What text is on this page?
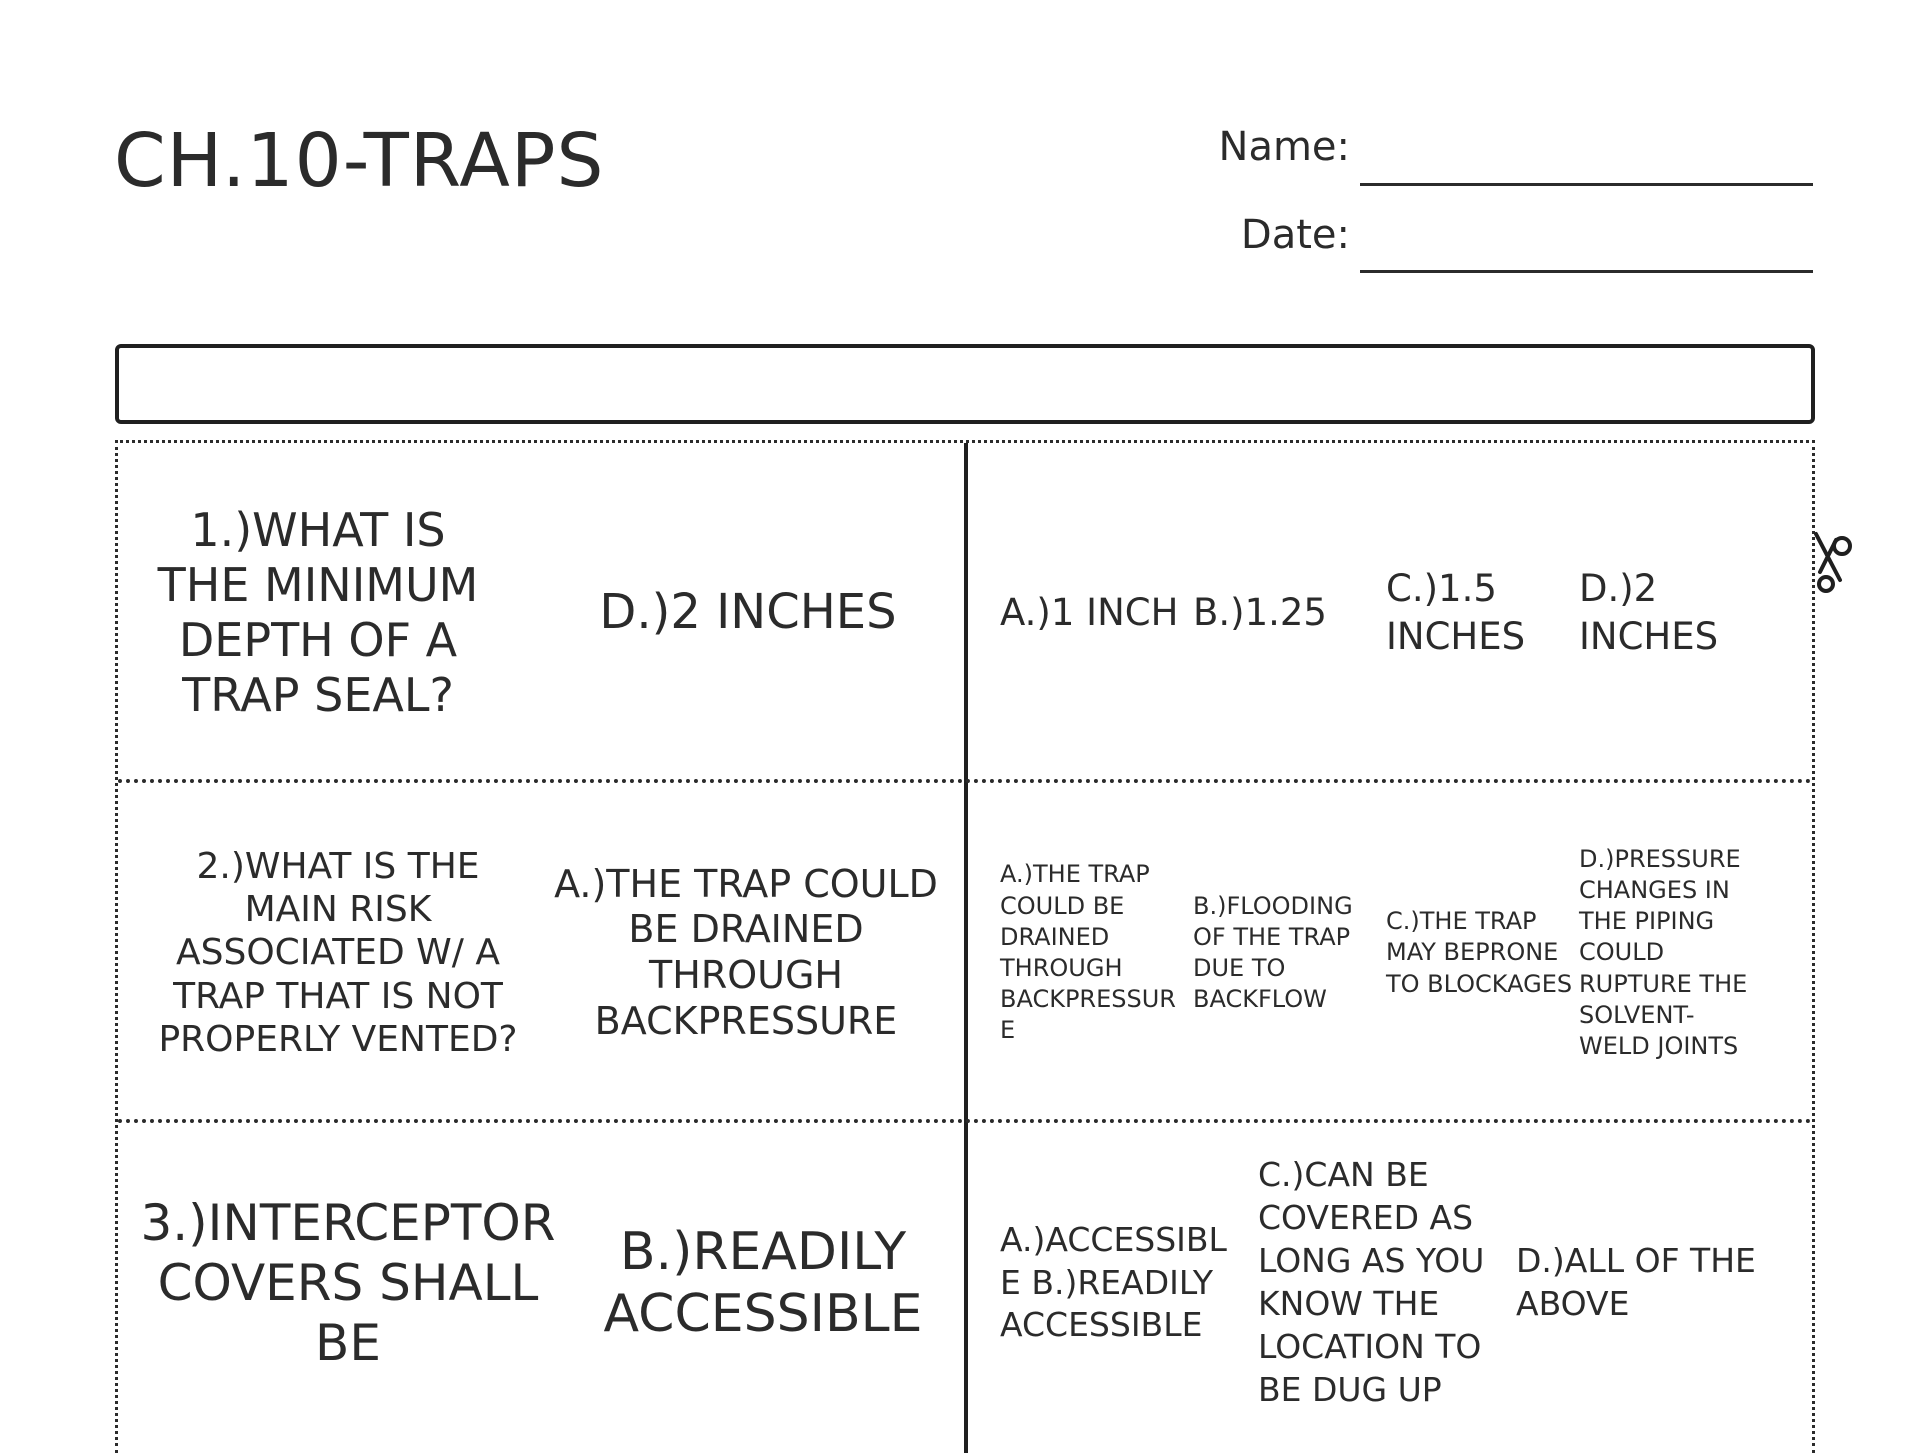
CH.10-TRAPS	Name:
Date:
1.)WHAT IS THE MINIMUM DEPTH OF A TRAP SEAL?
D.)2 INCHES	A.)1 INCH B.)1.25
C.)1.5 INCHES
D.)2 INCHES
2.)WHAT IS THE MAIN RISK ASSOCIATED W/ A TRAP THAT IS NOT PROPERLY VENTED?
A.)THE TRAP COULD BE DRAINED THROUGH BACKPRESSURE
A.)THE TRAP COULD BE DRAINED THROUGH BACKPRESSURE
B.)FLOODING OF THE TRAP DUE TO BACKFLOW
C.)THE TRAP MAY BEPRONE TO BLOCKAGES
D.)PRESSURE CHANGES IN THE PIPING COULD RUPTURE THE SOLVENT-WELD JOINTS
3.)INTERCEPTOR COVERS SHALL BE
B.)READILY ACCESSIBLE
A.)ACCESSIBLE B.)READILY ACCESSIBLE
C.)CAN BE COVERED AS LONG AS YOU KNOW THE LOCATION TO BE DUG UP
D.)ALL OF THE ABOVE
